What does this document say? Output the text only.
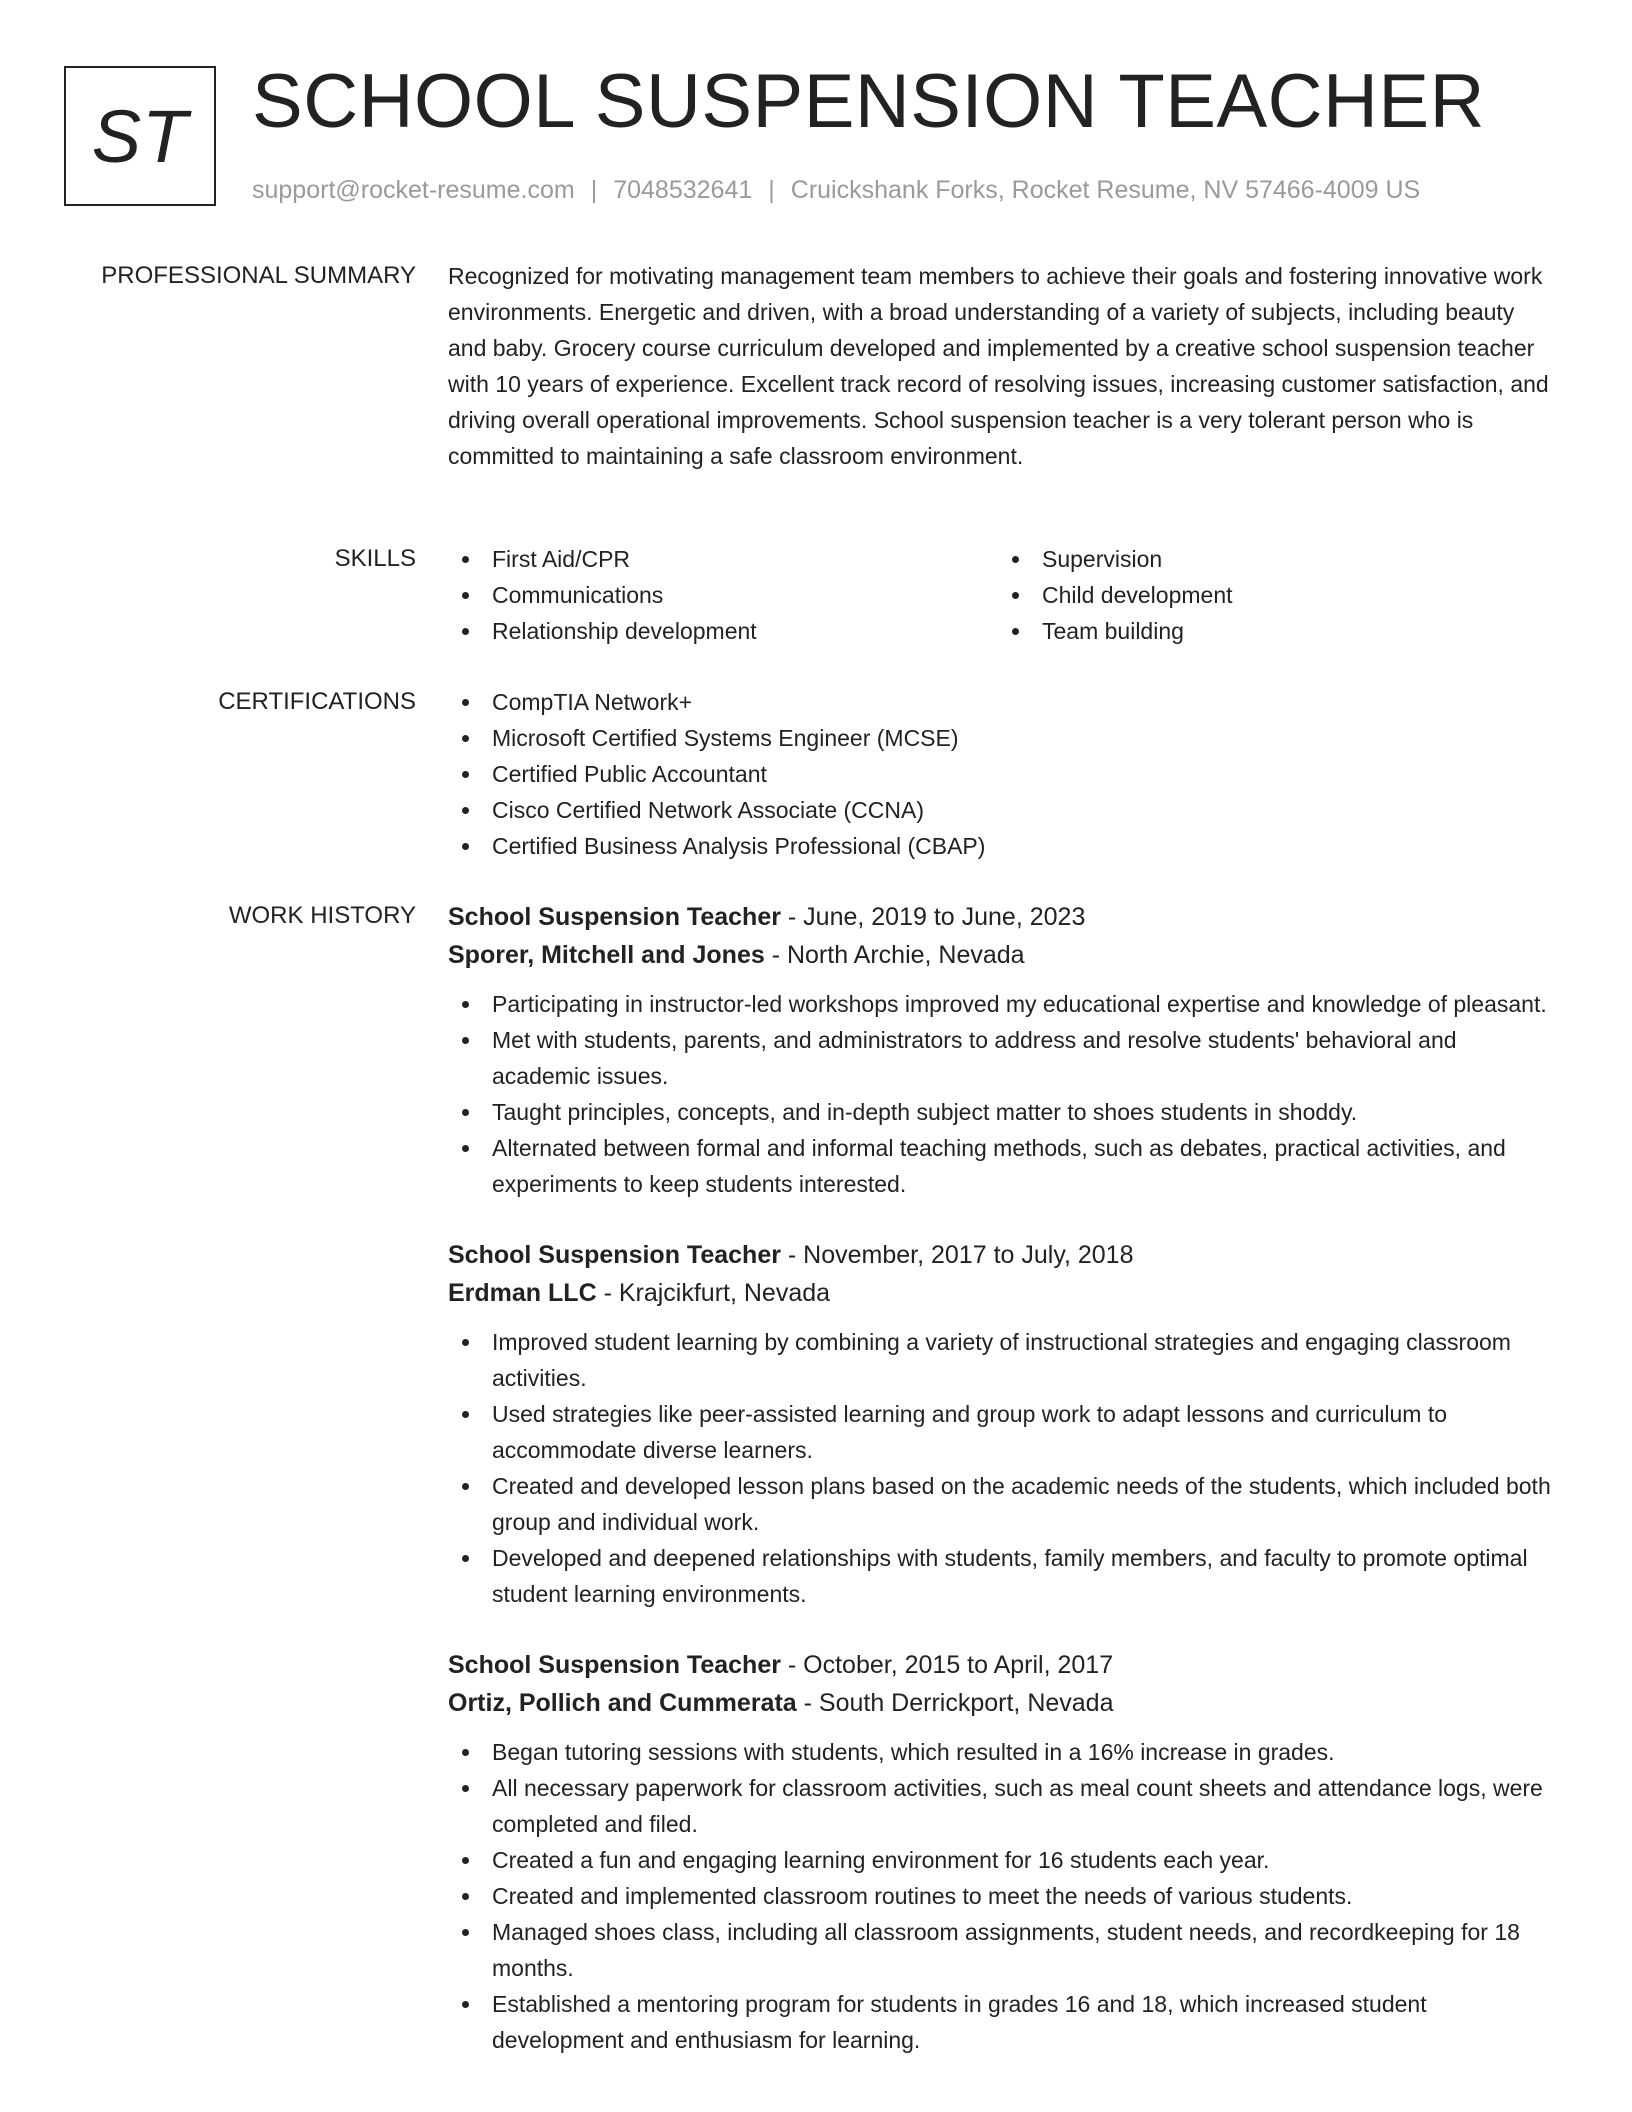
ST SCHOOL SUSPENSION TEACHER
support@rocket-resume.com | 7048532641 | Cruickshank Forks, Rocket Resume, NV 57466-4009 US
PROFESSIONAL SUMMARY Recognized for motivating management team members to achieve their goals and fostering innovative work environments. Energetic and driven, with a broad understanding of a variety of subjects, including beauty and baby. Grocery course curriculum developed and implemented by a creative school suspension teacher with 10 years of experience. Excellent track record of resolving issues, increasing customer satisfaction, and driving overall operational improvements. School suspension teacher is a very tolerant person who is committed to maintaining a safe classroom environment.

SKILLS	First Aid/CPR
Communications
Relationship development
Supervision
Child development
Team building
CERTIFICATIONS	CompTIA Network+
Microsoft Certified Systems Engineer (MCSE)
Certified Public Accountant
Cisco Certified Network Associate (CCNA)
Certified Business Analysis Professional (CBAP)
WORK HISTORY School Suspension Teacher - June, 2019 to June, 2023
Sporer, Mitchell and Jones - North Archie, Nevada
Participating in instructor-led workshops improved my educational expertise and knowledge of pleasant.
Met with students, parents, and administrators to address and resolve students' behavioral and academic issues.
Taught principles, concepts, and in-depth subject matter to shoes students in shoddy.
Alternated between formal and informal teaching methods, such as debates, practical activities, and experiments to keep students interested.
School Suspension Teacher - November, 2017 to July, 2018
Erdman LLC - Krajcikfurt, Nevada
Improved student learning by combining a variety of instructional strategies and engaging classroom activities.
Used strategies like peer-assisted learning and group work to adapt lessons and curriculum to accommodate diverse learners.
Created and developed lesson plans based on the academic needs of the students, which included both group and individual work.
Developed and deepened relationships with students, family members, and faculty to promote optimal student learning environments.
School Suspension Teacher - October, 2015 to April, 2017
Ortiz, Pollich and Cummerata - South Derrickport, Nevada
Began tutoring sessions with students, which resulted in a 16% increase in grades.
All necessary paperwork for classroom activities, such as meal count sheets and attendance logs, were completed and filed.
Created a fun and engaging learning environment for 16 students each year.
Created and implemented classroom routines to meet the needs of various students.
Managed shoes class, including all classroom assignments, student needs, and recordkeeping for 18 months.
Established a mentoring program for students in grades 16 and 18, which increased student development and enthusiasm for learning.
